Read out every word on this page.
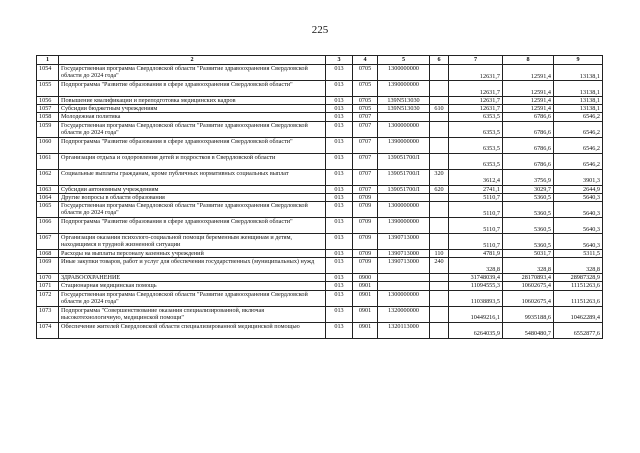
225
1	2	3	4	5	6	7	8	9
1054	Государственная программа Свердловской области "Развитие здравоохранения Свердловской области до 2024 года"	013	0705	1300000000		12631,7	12591,4	13138,1
1055	Подпрограмма "Развитие образования в сфере здравоохранения Свердловской области"	013	0705	1390000000		12631,7	12591,4	13138,1
1056	Повышение квалификации и переподготовка медицинских кадров	013	0705	139N513030		12631,7	12591,4	13138,1
1057	Субсидии бюджетным учреждениям	013	0705	139N513030	610	12631,7	12591,4	13138,1
1058	Молодежная политика	013	0707			6353,5	6786,6	6546,2
1059	Государственная программа Свердловской области "Развитие здравоохранения Свердловской области до 2024 года"	013	0707	1300000000		6353,5	6786,6	6546,2
1060	Подпрограмма "Развитие образования в сфере здравоохранения Свердловской области"	013	0707	1390000000		6353,5	6786,6	6546,2
1061	Организация отдыха и оздоровления детей и подростков в Свердловской области	013	0707	139051700Л		6353,5	6786,6	6546,2
1062	Социальные выплаты гражданам, кроме публичных нормативных социальных выплат	013	0707	139051700Л	320	3612,4	3756,9	3901,3
1063	Субсидии автономным учреждениям	013	0707	139051700Л	620	2741,1	3029,7	2644,9
1064	Другие вопросы в области образования	013	0709			5110,7	5360,5	5640,3
1065	Государственная программа Свердловской области "Развитие здравоохранения Свердловской области до 2024 года"	013	0709	1300000000		5110,7	5360,5	5640,3
1066	Подпрограмма "Развитие образования в сфере здравоохранения Свердловской области"	013	0709	1390000000		5110,7	5360,5	5640,3
1067	Организация оказания психолого-социальной помощи беременным женщинам и детям, находящимся в трудной жизненной ситуации	013	0709	1390713000		5110,7	5360,5	5640,3
1068	Расходы на выплаты персоналу казенных учреждений	013	0709	1390713000	110	4781,9	5031,7	5311,5
1069	Иные закупки товаров, работ и услуг для обеспечения государственных (муниципальных) нужд	013	0709	1390713000	240	328,8	328,8	328,8
1070	ЗДРАВООХРАНЕНИЕ	013	0900			31748039,4	28170893,4	28987328,9
1071	Стационарная медицинская помощь	013	0901			11094555,3	10602675,4	11151263,6
1072	Государственная программа Свердловской области "Развитие здравоохранения Свердловской области до 2024 года"	013	0901	1300000000		11038893,5	10602675,4	11151263,6
1073	Подпрограмма "Совершенствование оказания специализированной, включая высокотехнологичную, медицинской помощи"	013	0901	1320000000		10449216,1	9935188,6	10462289,4
1074	Обеспечение жителей Свердловской области специализированной медицинской помощью	013	0901	1320113000		6264035,9	5480480,7	6552877,6
